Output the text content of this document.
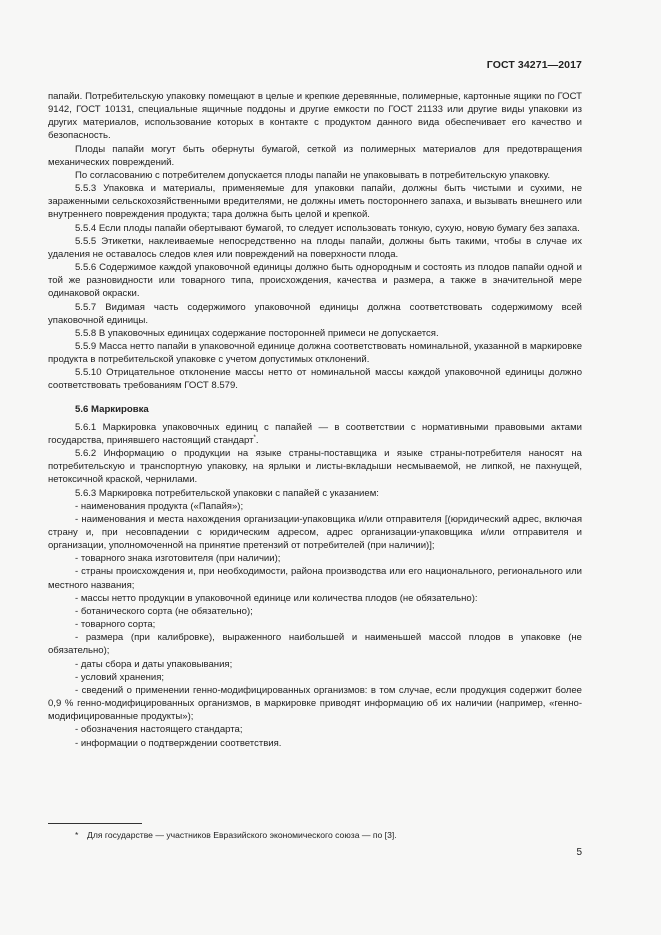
ГОСТ 34271—2017

папайи. Потребительскую упаковку помещают в целые и крепкие деревянные, полимерные, картонные ящики по ГОСТ 9142, ГОСТ 10131, специальные ящичные поддоны и другие емкости по ГОСТ 21133 или другие виды упаковки из других материалов, использование которых в контакте с продуктом данного вида обеспечивает его качество и безопасность.

Плоды папайи могут быть обернуты бумагой, сеткой из полимерных материалов для предотвращения механических повреждений.

По согласованию с потребителем допускается плоды папайи не упаковывать в потребительскую упаковку.

5.5.3 Упаковка и материалы, применяемые для упаковки папайи, должны быть чистыми и сухими, не зараженными сельскохозяйственными вредителями, не должны иметь постороннего запаха, и вызывать внешнего или внутреннего повреждения продукта; тара должна быть целой и крепкой.

5.5.4 Если плоды папайи обертывают бумагой, то следует использовать тонкую, сухую, новую бумагу без запаха.

5.5.5 Этикетки, наклеиваемые непосредственно на плоды папайи, должны быть такими, чтобы в случае их удаления не оставалось следов клея или повреждений на поверхности плода.

5.5.6 Содержимое каждой упаковочной единицы должно быть однородным и состоять из плодов папайи одной и той же разновидности или товарного типа, происхождения, качества и размера, а также в значительной мере одинаковой окраски.

5.5.7 Видимая часть содержимого упаковочной единицы должна соответствовать содержимому всей упаковочной единицы.

5.5.8 В упаковочных единицах содержание посторонней примеси не допускается.

5.5.9 Масса нетто папайи в упаковочной единице должна соответствовать номинальной, указанной в маркировке продукта в потребительской упаковке с учетом допустимых отклонений.

5.5.10 Отрицательное отклонение массы нетто от номинальной массы каждой упаковочной единицы должно соответствовать требованиям ГОСТ 8.579.

5.6 Маркировка

5.6.1 Маркировка упаковочных единиц с папайей — в соответствии с нормативными правовыми актами государства, принявшего настоящий стандарт*.

5.6.2 Информацию о продукции на языке страны-поставщика и языке страны-потребителя наносят на потребительскую и транспортную упаковку, на ярлыки и листы-вкладыши несмываемой, не липкой, не пахнущей, нетоксичной краской, чернилами.

5.6.3 Маркировка потребительской упаковки с папайей с указанием:

- наименования продукта («Папайя»);

- наименования и места нахождения организации-упаковщика и/или отправителя [(юридический адрес, включая страну и, при несовпадении с юридическим адресом, адрес организации-упаковщика и/или отправителя и организации, уполномоченной на принятие претензий от потребителей (при наличии)];

- товарного знака изготовителя (при наличии);

- страны происхождения и, при необходимости, района производства или его национального, регионального или местного названия;

- массы нетто продукции в упаковочной единице или количества плодов (не обязательно):

- ботанического сорта (не обязательно);

- товарного сорта;

- размера (при калибровке), выраженного наибольшей и наименьшей массой плодов в упаковке (не обязательно);

- даты сбора и даты упаковывания;

- условий хранения;

- сведений о применении генно-модифицированных организмов: в том случае, если продукция содержит более 0,9 % генно-модифицированных организмов, в маркировке приводят информацию об их наличии (например, «генно-модифицированные продукты»);

- обозначения настоящего стандарта;

- информации о подтверждении соответствия.

* Для государстве — участников Евразийского экономического союза — по [3].
5
